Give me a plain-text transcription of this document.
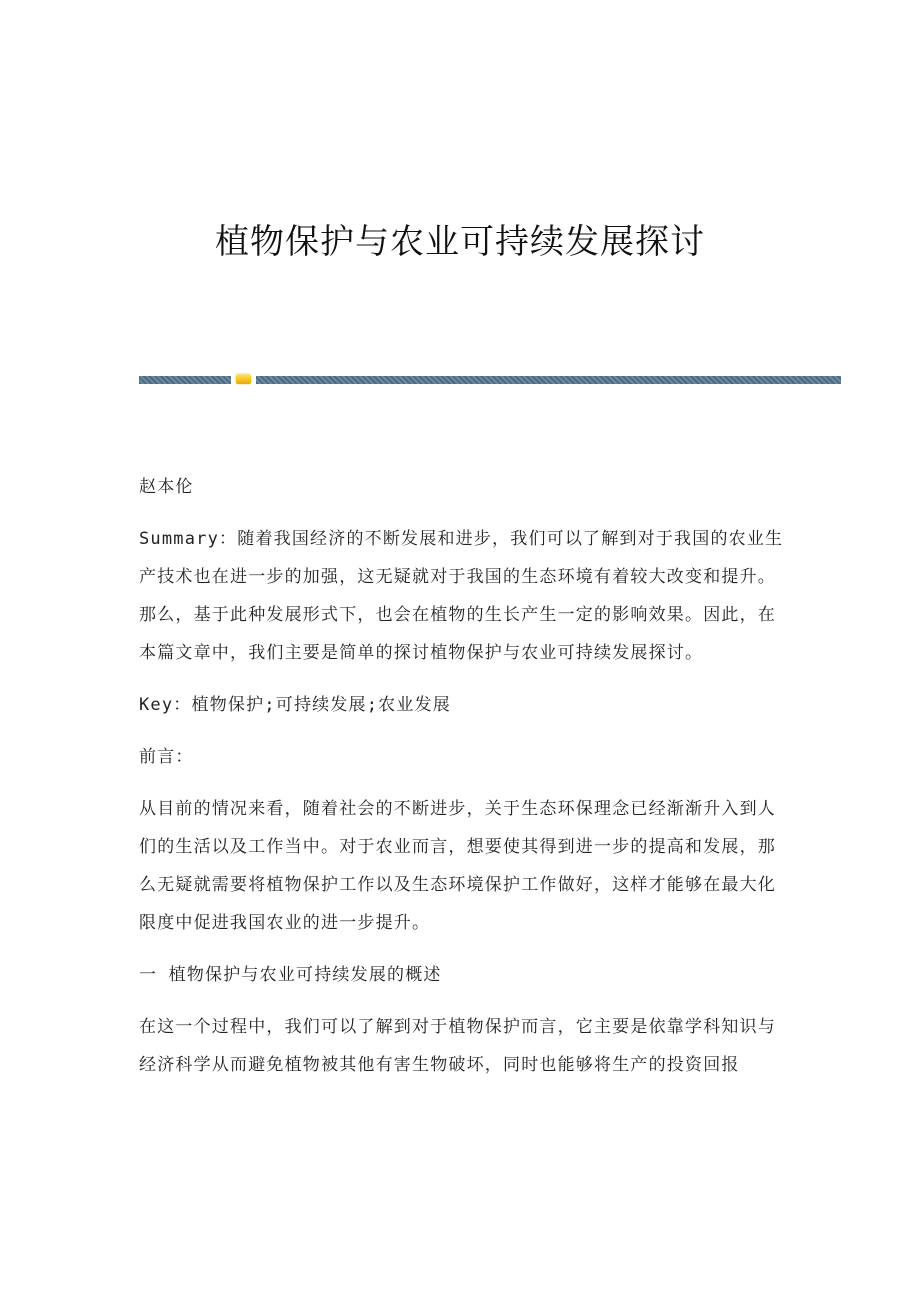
植物保护与农业可持续发展探讨

赵本伦

Summary：随着我国经济的不断发展和进步，我们可以了解到对于我国的农业生产技术也在进一步的加强，这无疑就对于我国的生态环境有着较大改变和提升。那么，基于此种发展形式下，也会在植物的生长产生一定的影响效果。因此，在本篇文章中，我们主要是简单的探讨植物保护与农业可持续发展探讨。

Key：植物保护;可持续发展;农业发展

前言：

从目前的情况来看，随着社会的不断进步，关于生态环保理念已经渐渐升入到人们的生活以及工作当中。对于农业而言，想要使其得到进一步的提高和发展，那么无疑就需要将植物保护工作以及生态环境保护工作做好，这样才能够在最大化限度中促进我国农业的进一步提升。

一 植物保护与农业可持续发展的概述

在这一个过程中，我们可以了解到对于植物保护而言，它主要是依靠学科知识与经济科学从而避免植物被其他有害生物破坏，同时也能够将生产的投资回报
